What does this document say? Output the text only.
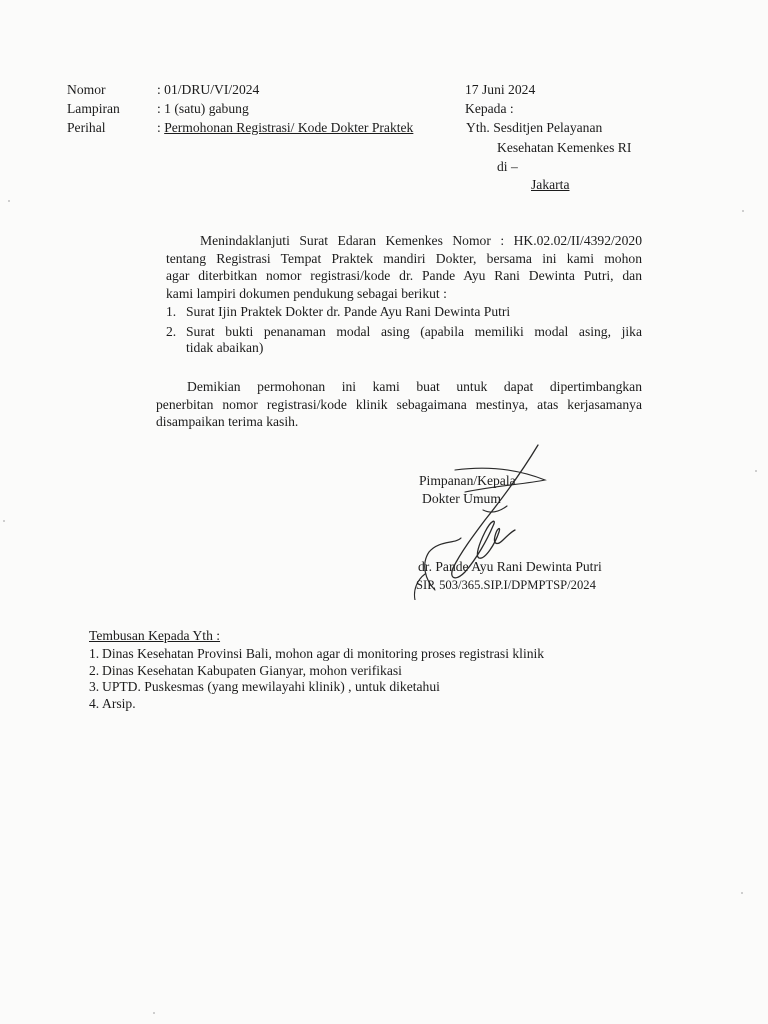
Nomor	: 01/DRU/VI/2024
Lampiran	: 1 (satu) gabung
Perihal	: Permohonan Registrasi/ Kode Dokter Praktek
17 Juni 2024
Kepada :
Yth. Sesditjen Pelayanan
Kesehatan Kemenkes RI
di –
Jakarta
Menindaklanjuti Surat Edaran Kemenkes Nomor : HK.02.02/II/4392/2020
tentang Registrasi Tempat Praktek mandiri Dokter, bersama ini kami mohon
agar diterbitkan nomor registrasi/kode dr. Pande Ayu Rani Dewinta Putri, dan
kami lampiri dokumen pendukung sebagai berikut :
1. Surat Ijin Praktek Dokter dr. Pande Ayu Rani Dewinta Putri
2. Surat bukti penanaman modal asing (apabila memiliki modal asing, jika
tidak abaikan)
Demikian permohonan ini kami buat untuk dapat dipertimbangkan
penerbitan nomor registrasi/kode klinik sebagaimana mestinya, atas kerjasamanya
disampaikan terima kasih.
Pimpanan/Kepala
Dokter Umum
dr. Pande Ayu Rani Dewinta Putri
SIP. 503/365.SIP.I/DPMPTSP/2024
Tembusan Kepada Yth :
1. Dinas Kesehatan Provinsi Bali, mohon agar di monitoring proses registrasi klinik
2. Dinas Kesehatan Kabupaten Gianyar, mohon verifikasi
3. UPTD. Puskesmas (yang mewilayahi klinik) , untuk diketahui
4. Arsip.
